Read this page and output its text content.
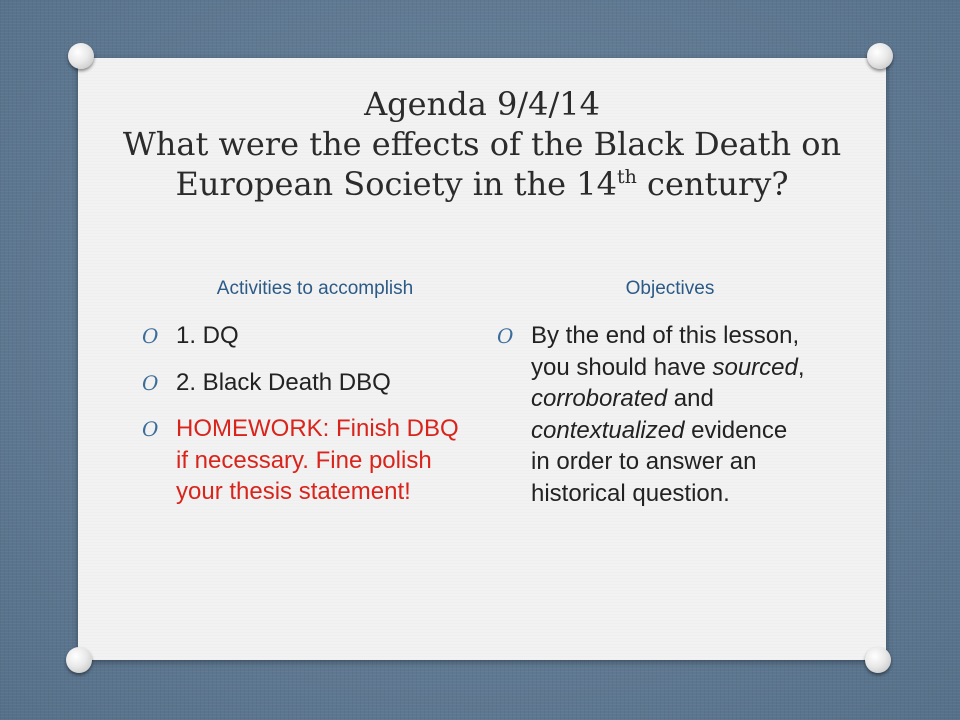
Agenda 9/4/14
What were the effects of the Black Death on
European Society in the 14th century?
Activities to accomplish	Objectives
O 1. DQ
O 2. Black Death DBQ
O HOMEWORK: Finish DBQ if necessary. Fine polish your thesis statement!
O By the end of this lesson, you should have sourced, corroborated and contextualized evidence in order to answer an historical question.
